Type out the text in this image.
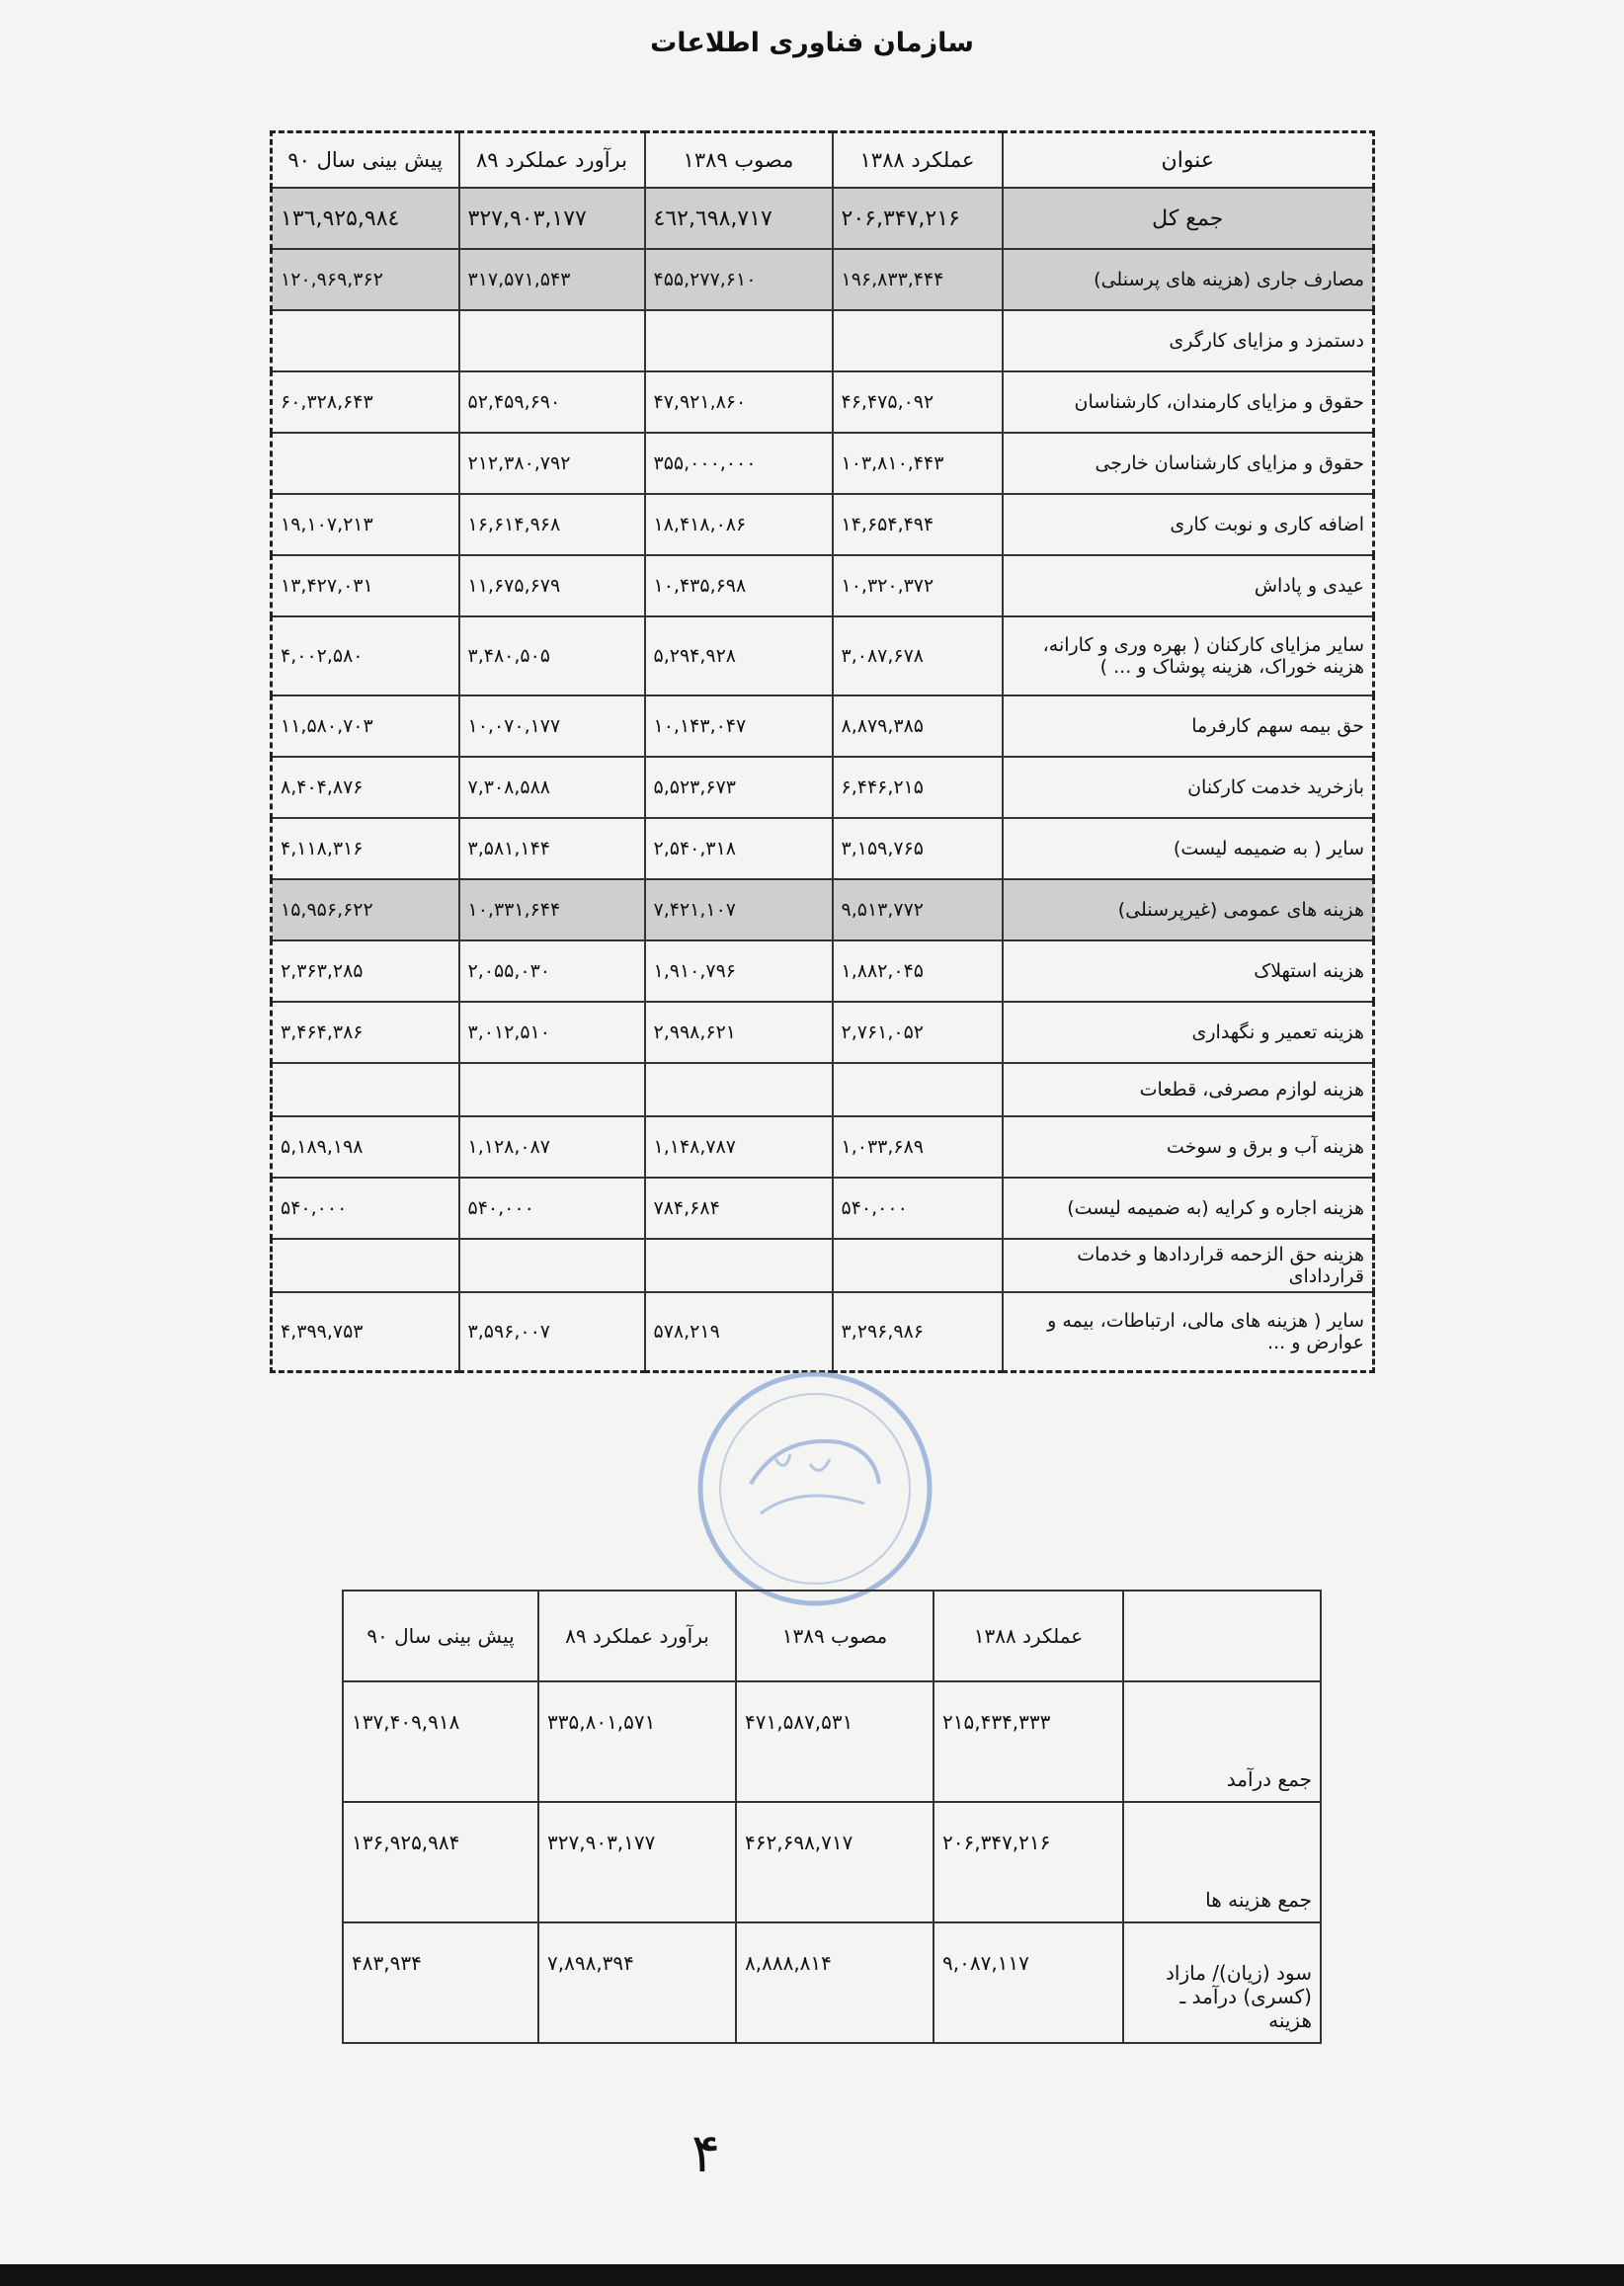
سازمان فناوری اطلاعات
عنوان	عملکرد ۱۳۸۸	مصوب ۱۳۸۹	برآورد عملکرد ۸۹	پیش بینی سال ۹۰
جمع کل	۲۰۶,۳۴۷,۲۱۶	٤٦٢,٦٩٨,۷۱۷	۳۲۷,۹۰۳,۱۷۷	۱۳٦,۹۲۵,۹۸٤
مصارف جاری (هزینه های پرسنلی)	۱۹۶,۸۳۳,۴۴۴	۴۵۵,۲۷۷,۶۱۰	۳۱۷,۵۷۱,۵۴۳	۱۲۰,۹۶۹,۳۶۲
دستمزد و مزایای کارگری				
حقوق و مزایای کارمندان، کارشناسان	۴۶,۴۷۵,۰۹۲	۴۷,۹۲۱,۸۶۰	۵۲,۴۵۹,۶۹۰	۶۰,۳۲۸,۶۴۳
حقوق و مزایای کارشناسان خارجی	۱۰۳,۸۱۰,۴۴۳	۳۵۵,۰۰۰,۰۰۰	۲۱۲,۳۸۰,۷۹۲	
اضافه کاری و نوبت کاری	۱۴,۶۵۴,۴۹۴	۱۸,۴۱۸,۰۸۶	۱۶,۶۱۴,۹۶۸	۱۹,۱۰۷,۲۱۳
عیدی و پاداش	۱۰,۳۲۰,۳۷۲	۱۰,۴۳۵,۶۹۸	۱۱,۶۷۵,۶۷۹	۱۳,۴۲۷,۰۳۱
سایر مزایای کارکنان ( بهره وری و کارانه، هزینه خوراک، هزینه پوشاک و ... )	۳,۰۸۷,۶۷۸	۵,۲۹۴,۹۲۸	۳,۴۸۰,۵۰۵	۴,۰۰۲,۵۸۰
حق بیمه سهم کارفرما	۸,۸۷۹,۳۸۵	۱۰,۱۴۳,۰۴۷	۱۰,۰۷۰,۱۷۷	۱۱,۵۸۰,۷۰۳
بازخرید خدمت کارکنان	۶,۴۴۶,۲۱۵	۵,۵۲۳,۶۷۳	۷,۳۰۸,۵۸۸	۸,۴۰۴,۸۷۶
سایر ( به ضمیمه لیست)	۳,۱۵۹,۷۶۵	۲,۵۴۰,۳۱۸	۳,۵۸۱,۱۴۴	۴,۱۱۸,۳۱۶
هزینه های عمومی (غیرپرسنلی)	۹,۵۱۳,۷۷۲	۷,۴۲۱,۱۰۷	۱۰,۳۳۱,۶۴۴	۱۵,۹۵۶,۶۲۲
هزینه استهلاک	۱,۸۸۲,۰۴۵	۱,۹۱۰,۷۹۶	۲,۰۵۵,۰۳۰	۲,۳۶۳,۲۸۵
هزینه تعمیر و نگهداری	۲,۷۶۱,۰۵۲	۲,۹۹۸,۶۲۱	۳,۰۱۲,۵۱۰	۳,۴۶۴,۳۸۶
هزینه لوازم مصرفی، قطعات				
هزینه آب و برق و سوخت	۱,۰۳۳,۶۸۹	۱,۱۴۸,۷۸۷	۱,۱۲۸,۰۸۷	۵,۱۸۹,۱۹۸
هزینه اجاره و کرایه (به ضمیمه لیست)	۵۴۰,۰۰۰	۷۸۴,۶۸۴	۵۴۰,۰۰۰	۵۴۰,۰۰۰
هزینه حق الزحمه قراردادها و خدمات قراردادای				
سایر ( هزینه های مالی، ارتباطات، بیمه و عوارض و ...	۳,۲۹۶,۹۸۶	۵۷۸,۲۱۹	۳,۵۹۶,۰۰۷	۴,۳۹۹,۷۵۳
	عملکرد ۱۳۸۸	مصوب ۱۳۸۹	برآورد عملکرد ۸۹	پیش بینی سال ۹۰
جمع درآمد	۲۱۵,۴۳۴,۳۳۳	۴۷۱,۵۸۷,۵۳۱	۳۳۵,۸۰۱,۵۷۱	۱۳۷,۴۰۹,۹۱۸
جمع هزینه ها	۲۰۶,۳۴۷,۲۱۶	۴۶۲,۶۹۸,۷۱۷	۳۲۷,۹۰۳,۱۷۷	۱۳۶,۹۲۵,۹۸۴
سود (زیان)/ مازاد (کسری) درآمد ـ هزینه	۹,۰۸۷,۱۱۷	۸,۸۸۸,۸۱۴	۷,۸۹۸,۳۹۴	۴۸۳,۹۳۴
۴
